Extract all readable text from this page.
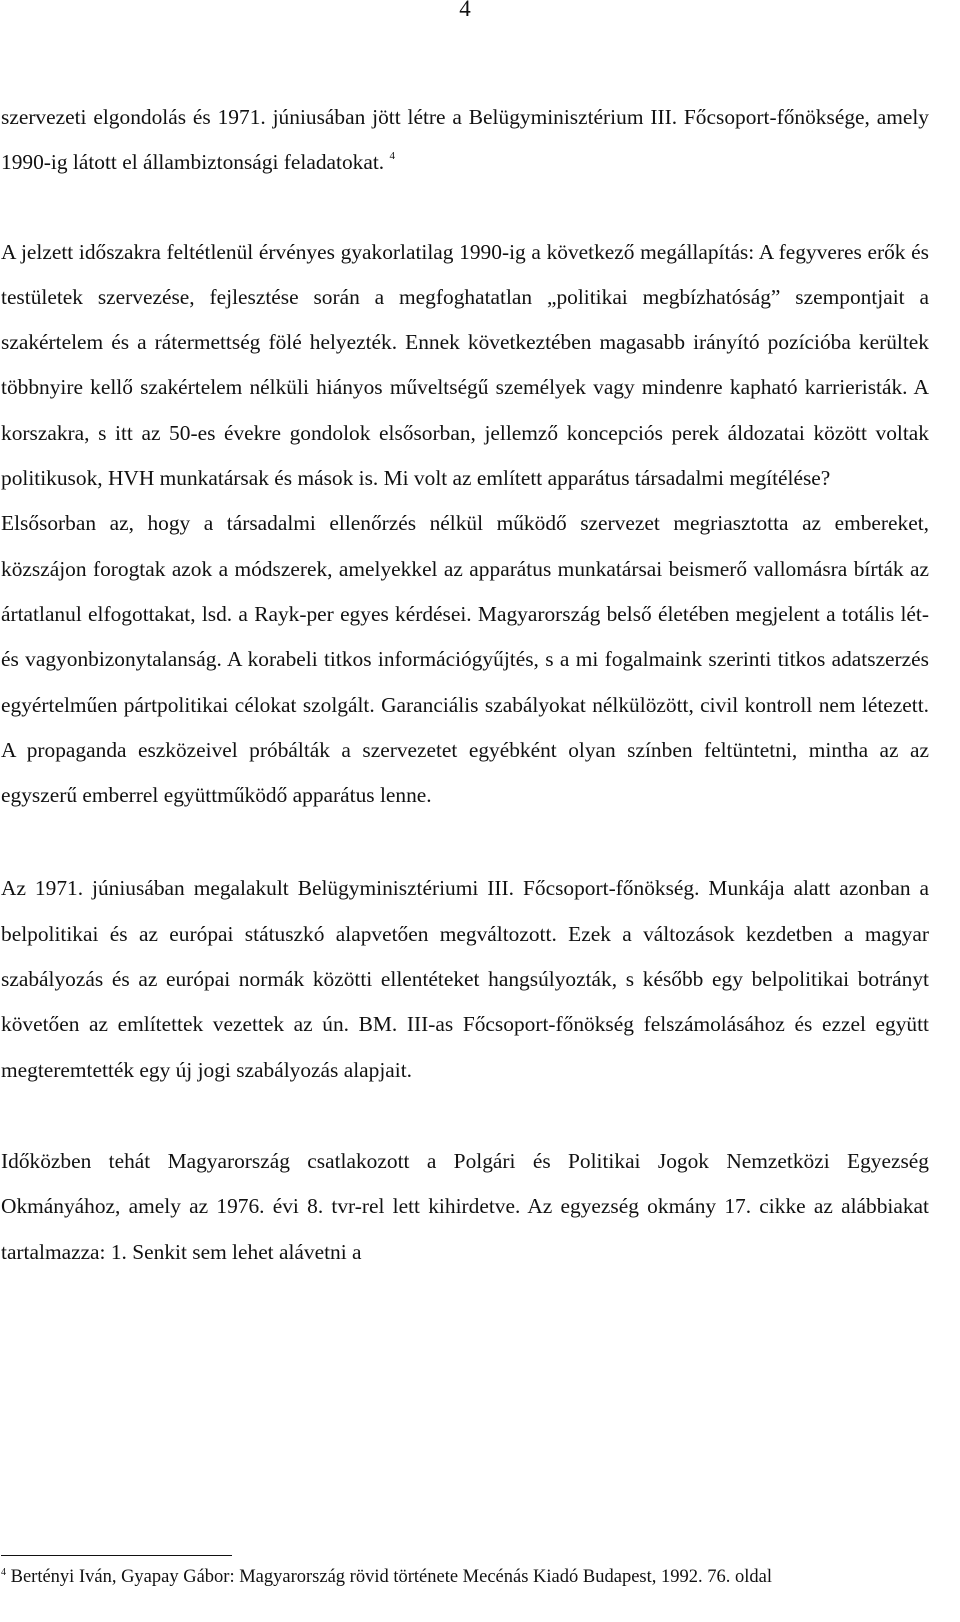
4

szervezeti elgondolás és 1971. júniusában jött létre a Belügyminisztérium III. Főcsoport-főnöksége, amely 1990-ig látott el állambiztonsági feladatokat. $^4$

A jelzett időszakra feltétlenül érvényes gyakorlatilag 1990-ig a következő megállapítás: A fegyveres erők és testületek szervezése, fejlesztése során a megfoghatatlan „politikai megbízhatóság” szempontjait a szakértelem és a rátermettség fölé helyezték. Ennek következtében magasabb irányító pozícióba kerültek többnyire kellő szakértelem nélküli hiányos műveltségű személyek vagy mindenre kapható karrieristák. A korszakra, s itt az 50-es évekre gondolok elsősorban, jellemző koncepciós perek áldozatai között voltak politikusok, HVH munkatársak és mások is. Mi volt az említett apparátus társadalmi megítélése?

Elsősorban az, hogy a társadalmi ellenőrzés nélkül működő szervezet megriasztotta az embereket, közszájon forogtak azok a módszerek, amelyekkel az apparátus munkatársai beismerő vallomásra bírták az ártatlanul elfogottakat, lsd. a Rayk-per egyes kérdései. Magyarország belső életében megjelent a totális lét- és vagyonbizonytalanság. A korabeli titkos információgyűjtés, s a mi fogalmaink szerinti titkos adatszerzés egyértelműen pártpolitikai célokat szolgált. Garanciális szabályokat nélkülözött, civil kontroll nem létezett. A propaganda eszközeivel próbálták a szervezetet egyébként olyan színben feltüntetni, mintha az az egyszerű emberrel együttműködő apparátus lenne.

Az 1971. júniusában megalakult Belügyminisztériumi III. Főcsoport-főnökség. Munkája alatt azonban a belpolitikai és az európai státuszkó alapvetően megváltozott. Ezek a változások kezdetben a magyar szabályozás és az európai normák közötti ellentéteket hangsúlyozták, s később egy belpolitikai botrányt követően az említettek vezettek az ún. BM. III-as Főcsoport-főnökség felszámolásához és ezzel együtt megteremtették egy új jogi szabályozás alapjait.

Időközben tehát Magyarország csatlakozott a Polgári és Politikai Jogok Nemzetközi Egyezség Okmányához, amely az 1976. évi 8. tvr-rel lett kihirdetve. Az egyezség okmány 17. cikke az alábbiakat tartalmazza: 1. Senkit sem lehet alávetni a

$^4$ Bertényi Iván, Gyapay Gábor: Magyarország rövid története Mecénás Kiadó Budapest, 1992. 76. oldal
